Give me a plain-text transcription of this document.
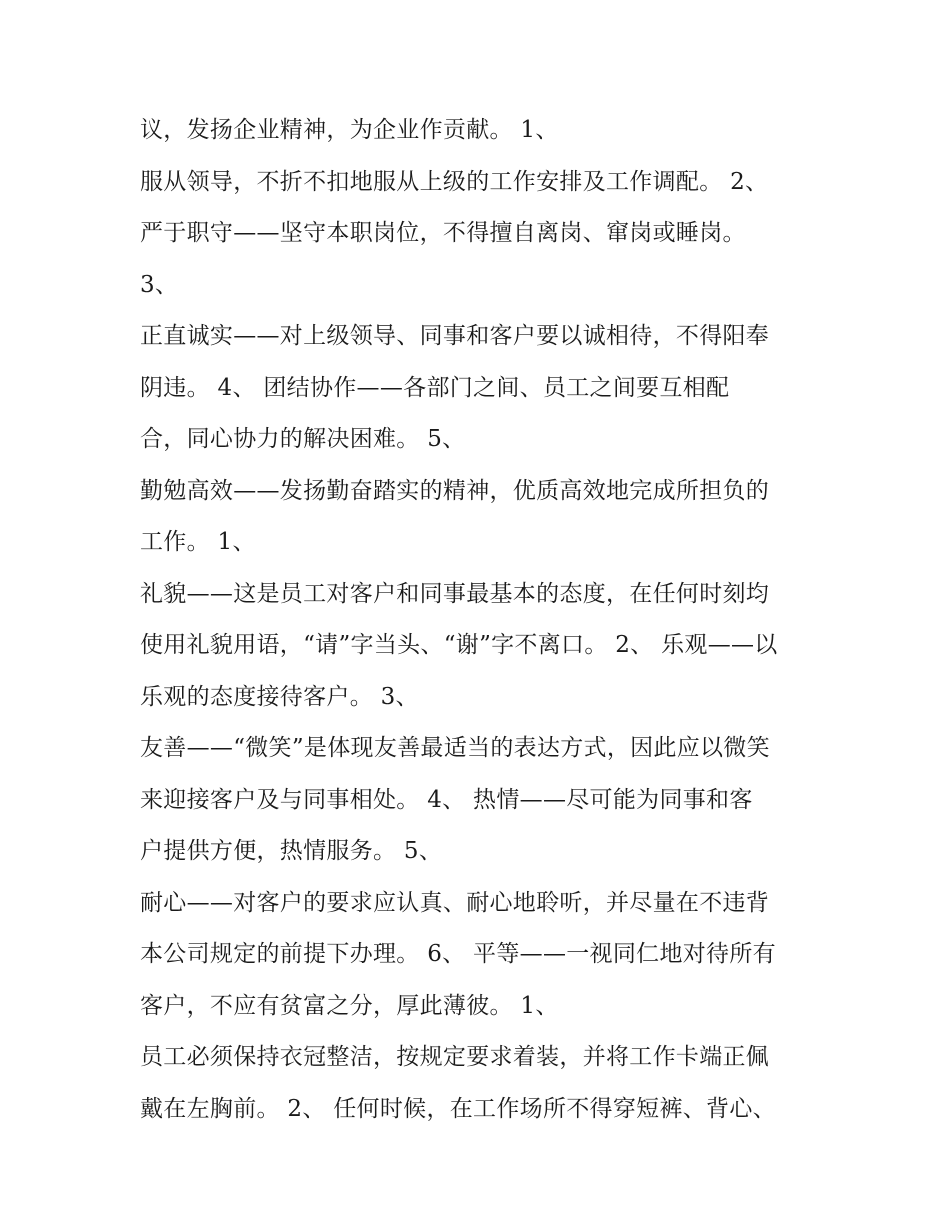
议，发扬企业精神，为企业作贡献。 1、
服从领导，不折不扣地服从上级的工作安排及工作调配。 2、
严于职守——坚守本职岗位，不得擅自离岗、窜岗或睡岗。
3、
正直诚实——对上级领导、同事和客户要以诚相待，不得阳奉
阴违。 4、 团结协作——各部门之间、员工之间要互相配
合，同心协力的解决困难。 5、
勤勉高效——发扬勤奋踏实的精神，优质高效地完成所担负的
工作。 1、
礼貌——这是员工对客户和同事最基本的态度，在任何时刻均
使用礼貌用语，“请”字当头、“谢”字不离口。 2、 乐观——以
乐观的态度接待客户。 3、
友善——“微笑”是体现友善最适当的表达方式，因此应以微笑
来迎接客户及与同事相处。 4、 热情——尽可能为同事和客
户提供方便，热情服务。 5、
耐心——对客户的要求应认真、耐心地聆听，并尽量在不违背
本公司规定的前提下办理。 6、 平等——一视同仁地对待所有
客户，不应有贫富之分，厚此薄彼。 1、
员工必须保持衣冠整洁，按规定要求着装，并将工作卡端正佩
戴在左胸前。 2、 任何时候，在工作场所不得穿短裤、背心、
